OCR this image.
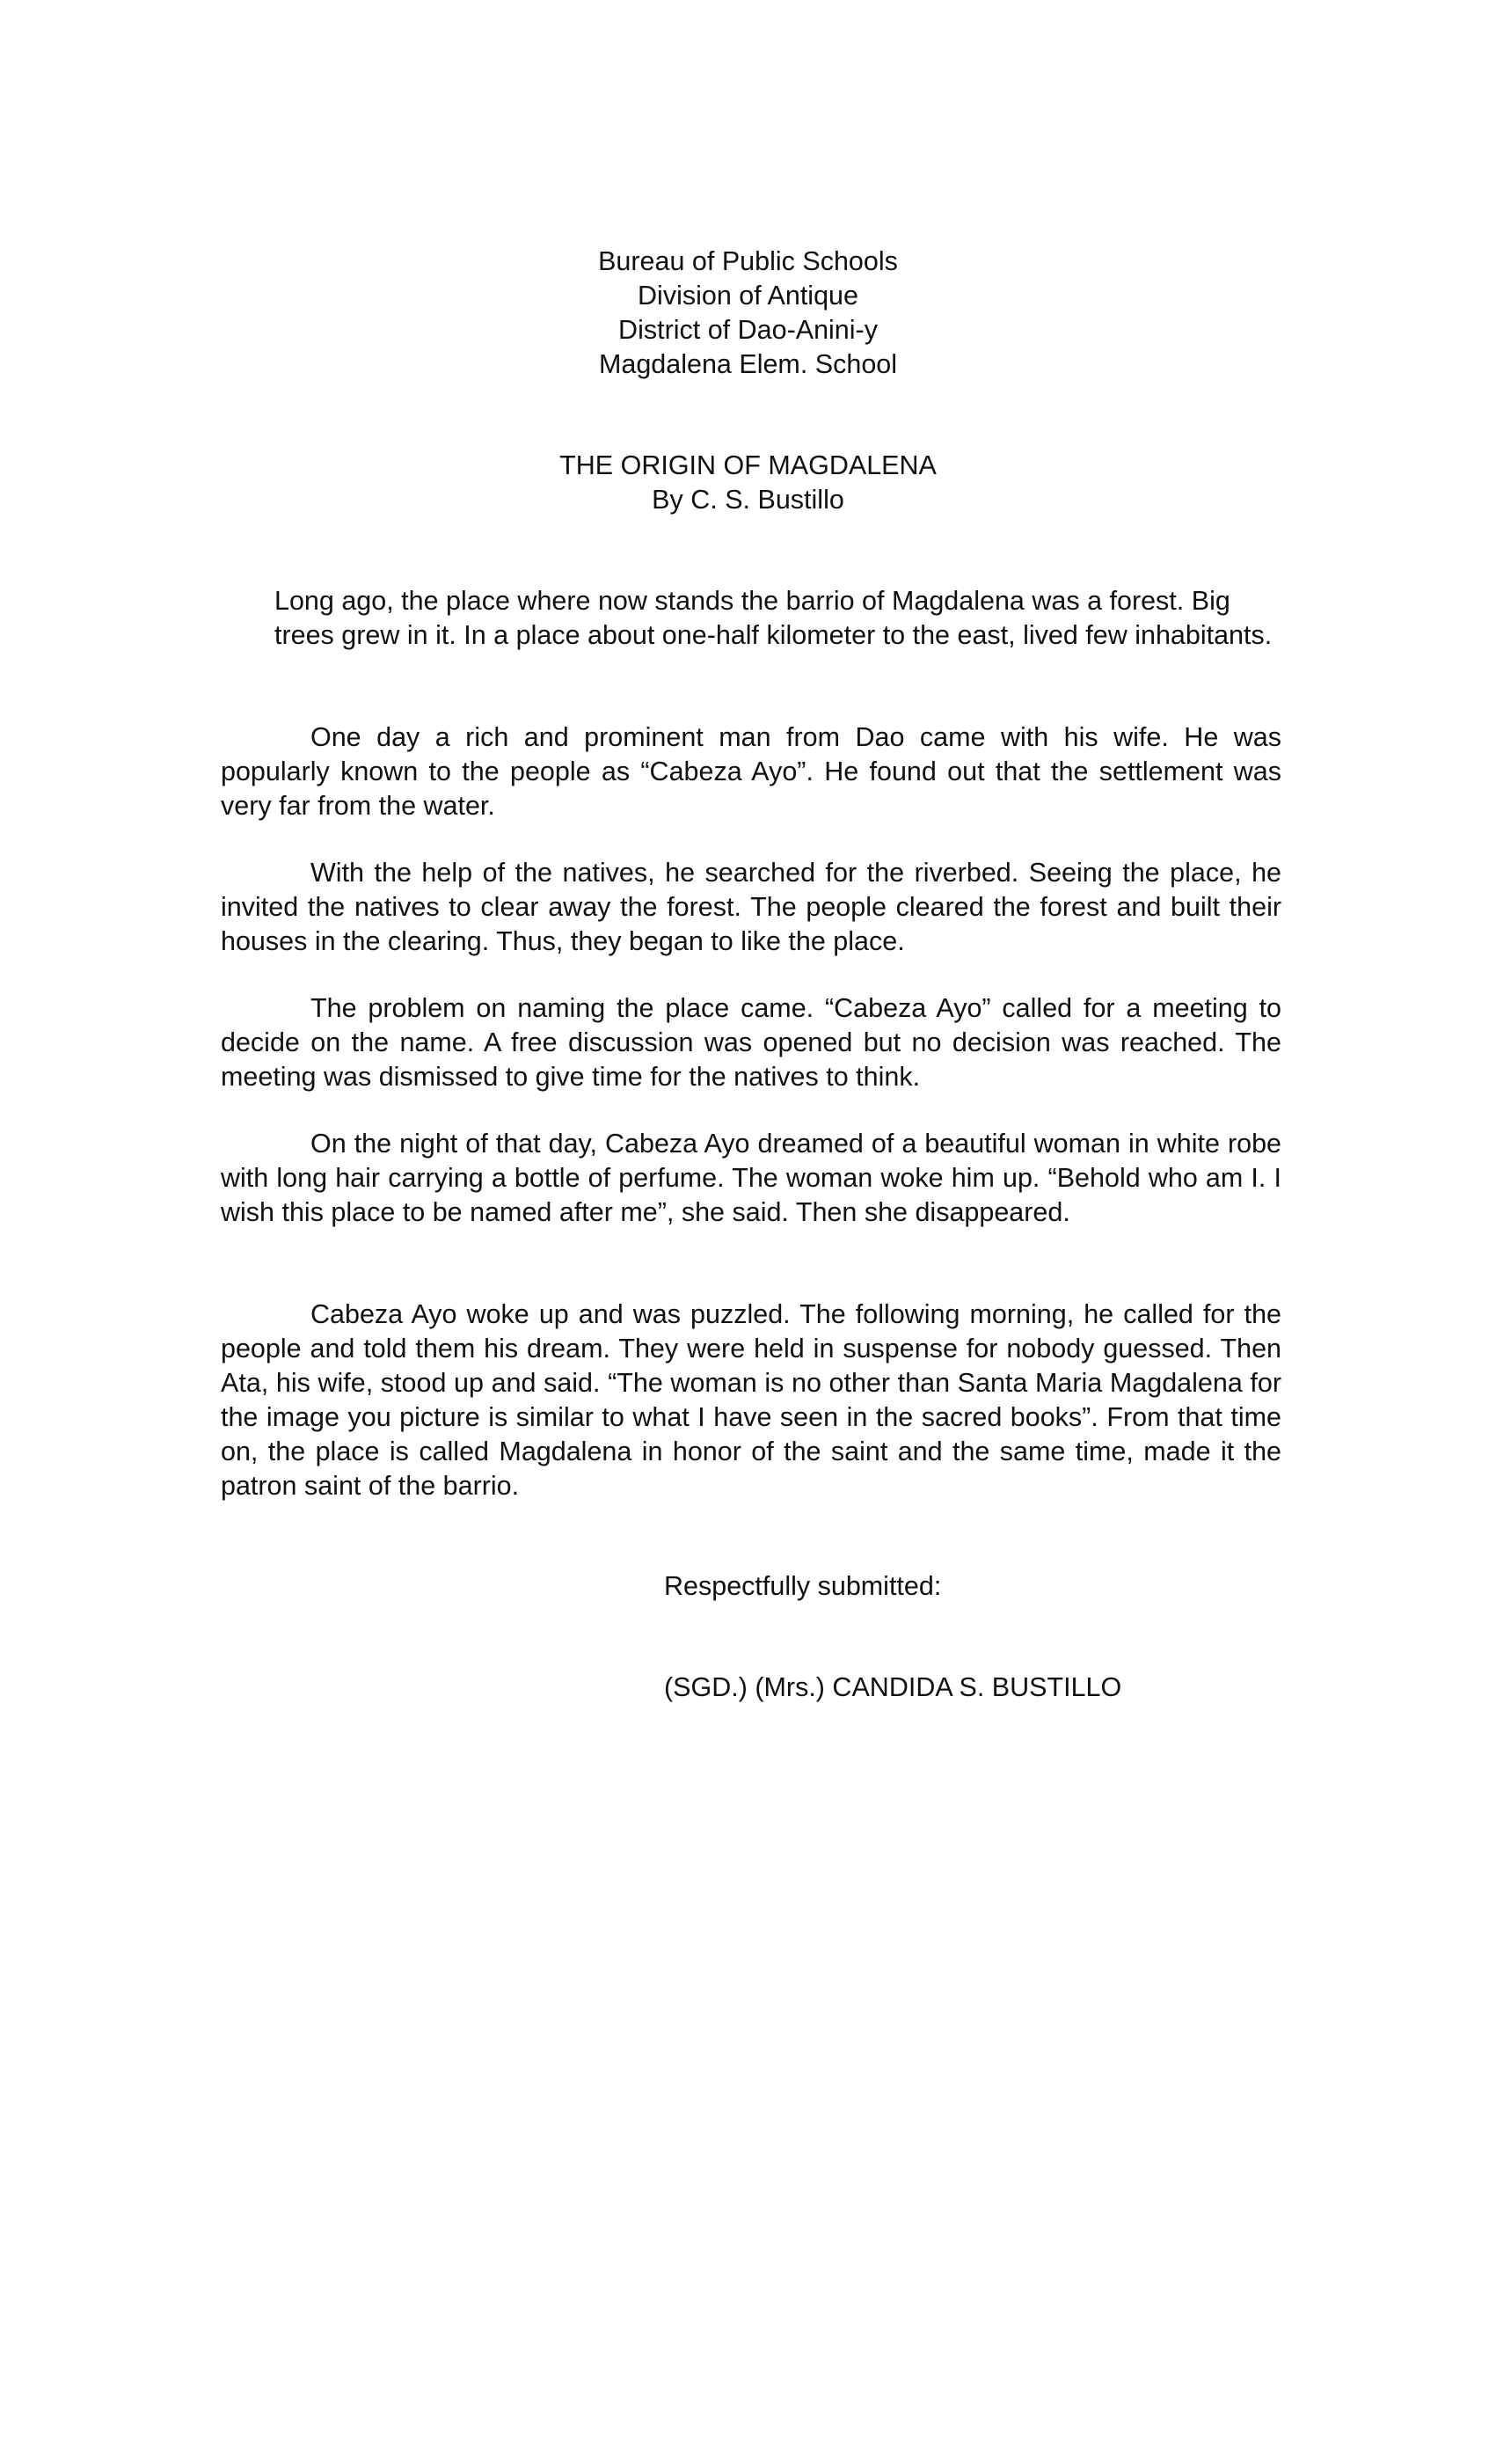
Bureau of Public Schools

Division of Antique

District of Dao-Anini-y

Magdalena Elem. School

THE ORIGIN OF MAGDALENA

By C. S. Bustillo

Long ago, the place where now stands the barrio of Magdalena was a forest. Big trees grew in it. In a place about one-half kilometer to the east, lived few inhabitants.

One day a rich and prominent man from Dao came with his wife. He was popularly known to the people as “Cabeza Ayo”. He found out that the settlement was very far from the water.

With the help of the natives, he searched for the riverbed. Seeing the place, he invited the natives to clear away the forest. The people cleared the forest and built their houses in the clearing. Thus, they began to like the place.

The problem on naming the place came. “Cabeza Ayo” called for a meeting to decide on the name. A free discussion was opened but no decision was reached. The meeting was dismissed to give time for the natives to think.

On the night of that day, Cabeza Ayo dreamed of a beautiful woman in white robe with long hair carrying a bottle of perfume. The woman woke him up. “Behold who am I. I wish this place to be named after me”, she said. Then she disappeared.

Cabeza Ayo woke up and was puzzled. The following morning, he called for the people and told them his dream. They were held in suspense for nobody guessed. Then Ata, his wife, stood up and said. “The woman is no other than Santa Maria Magdalena for the image you picture is similar to what I have seen in the sacred books”. From that time on, the place is called Magdalena in honor of the saint and the same time, made it the patron saint of the barrio.

Respectfully submitted:

(SGD.) (Mrs.) CANDIDA S. BUSTILLO
